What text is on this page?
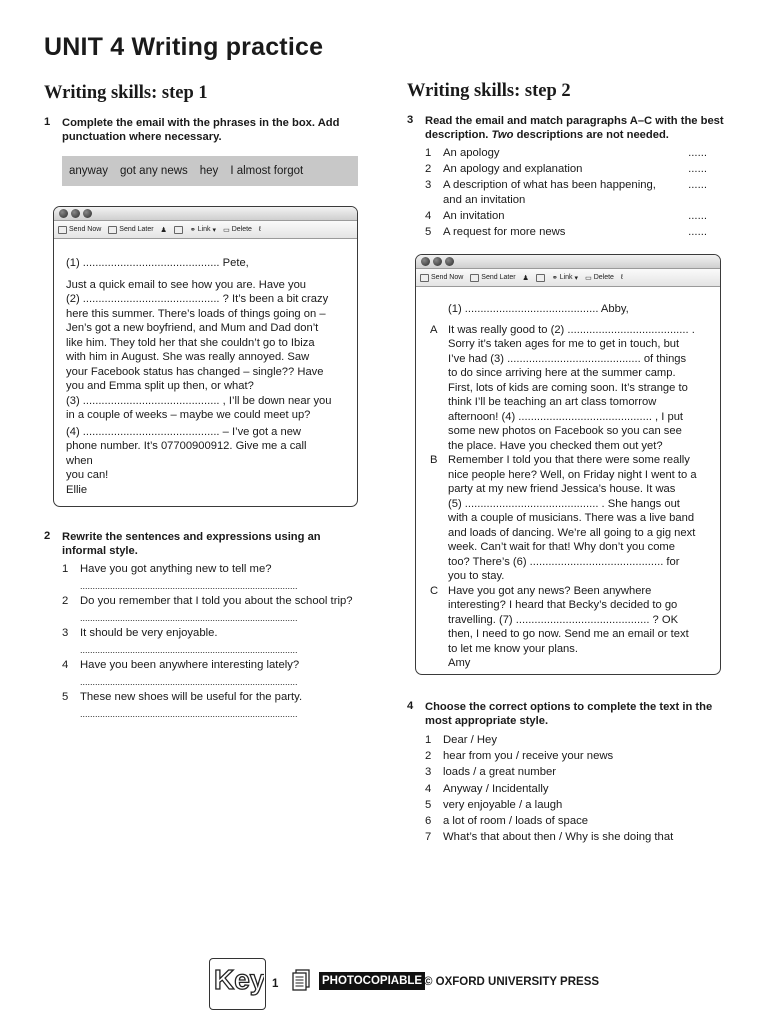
UNIT 4 Writing practice
Writing skills: step 1
1 Complete the email with the phrases in the box. Add punctuation where necessary.
anyway got any news hey I almost forgot
Send Now	Send Later ♟	⚭ Link ▾ ▭ Delete ℓ
(1) ............................................ Pete,
Just a quick email to see how you are. Have you
(2) ............................................ ? It’s been a bit crazy
here this summer. There’s loads of things going on –
Jen’s got a new boyfriend, and Mum and Dad don’t
like him. They told her that she couldn’t go to Ibiza
with him in August. She was really annoyed. Saw
your Facebook status has changed – single?? Have
you and Emma split up then, or what?
(3) ............................................ , I’ll be down near you
in a couple of weeks – maybe we could meet up?
(4) ............................................ – I’ve got a new
phone number. It’s 07700900912. Give me a call
when
you can!
Ellie
2 Rewrite the sentences and expressions using an informal style.
1	Have you got anything new to tell me?
.......................................................................................
2	Do you remember that I told you about the school trip?
.......................................................................................
3	It should be very enjoyable.
.......................................................................................
4	Have you been anywhere interesting lately?
.......................................................................................
5	These new shoes will be useful for the party.
.......................................................................................
Writing skills: step 2
3 Read the email and match paragraphs A–C with the best description. Two descriptions are not needed.
1	An apology	......
2	An apology and explanation	......
3	A description of what has been happening,
and an invitation
......
4	An invitation	......
5	A request for more news	......
Send Now	Send Later ♟	⚭ Link ▾ ▭ Delete ℓ
(1) ........................................... Abby,
A It was really good to (2) ....................................... .
Sorry it’s taken ages for me to get in touch, but
I’ve had (3) ........................................... of things
to do since arriving here at the summer camp.
First, lots of kids are coming soon. It’s strange to
think I’ll be teaching an art class tomorrow
afternoon! (4) ........................................... , I put
some new photos on Facebook so you can see
the place. Have you checked them out yet?
B Remember I told you that there were some really
nice people here? Well, on Friday night I went to a
party at my new friend Jessica’s house. It was
(5) ........................................... . She hangs out
with a couple of musicians. There was a live band
and loads of dancing. We’re all going to a gig next
week. Can’t wait for that! Why don’t you come
too? There’s (6) ........................................... for
you to stay.
C Have you got any news? Been anywhere
interesting? I heard that Becky’s decided to go
travelling. (7) ........................................... ? OK
then, I need to go now. Send me an email or text
to let me know your plans.
Amy
4 Choose the correct options to complete the text in the most appropriate style.
1	Dear / Hey
2	hear from you / receive your news
3	loads / a great number
4	Anyway / Incidentally
5	very enjoyable / a laugh
6	a lot of room / loads of space
7	What’s that about then / Why is she doing that
Key 1	PHOTOCOPIABLE © OXFORD UNIVERSITY PRESS
